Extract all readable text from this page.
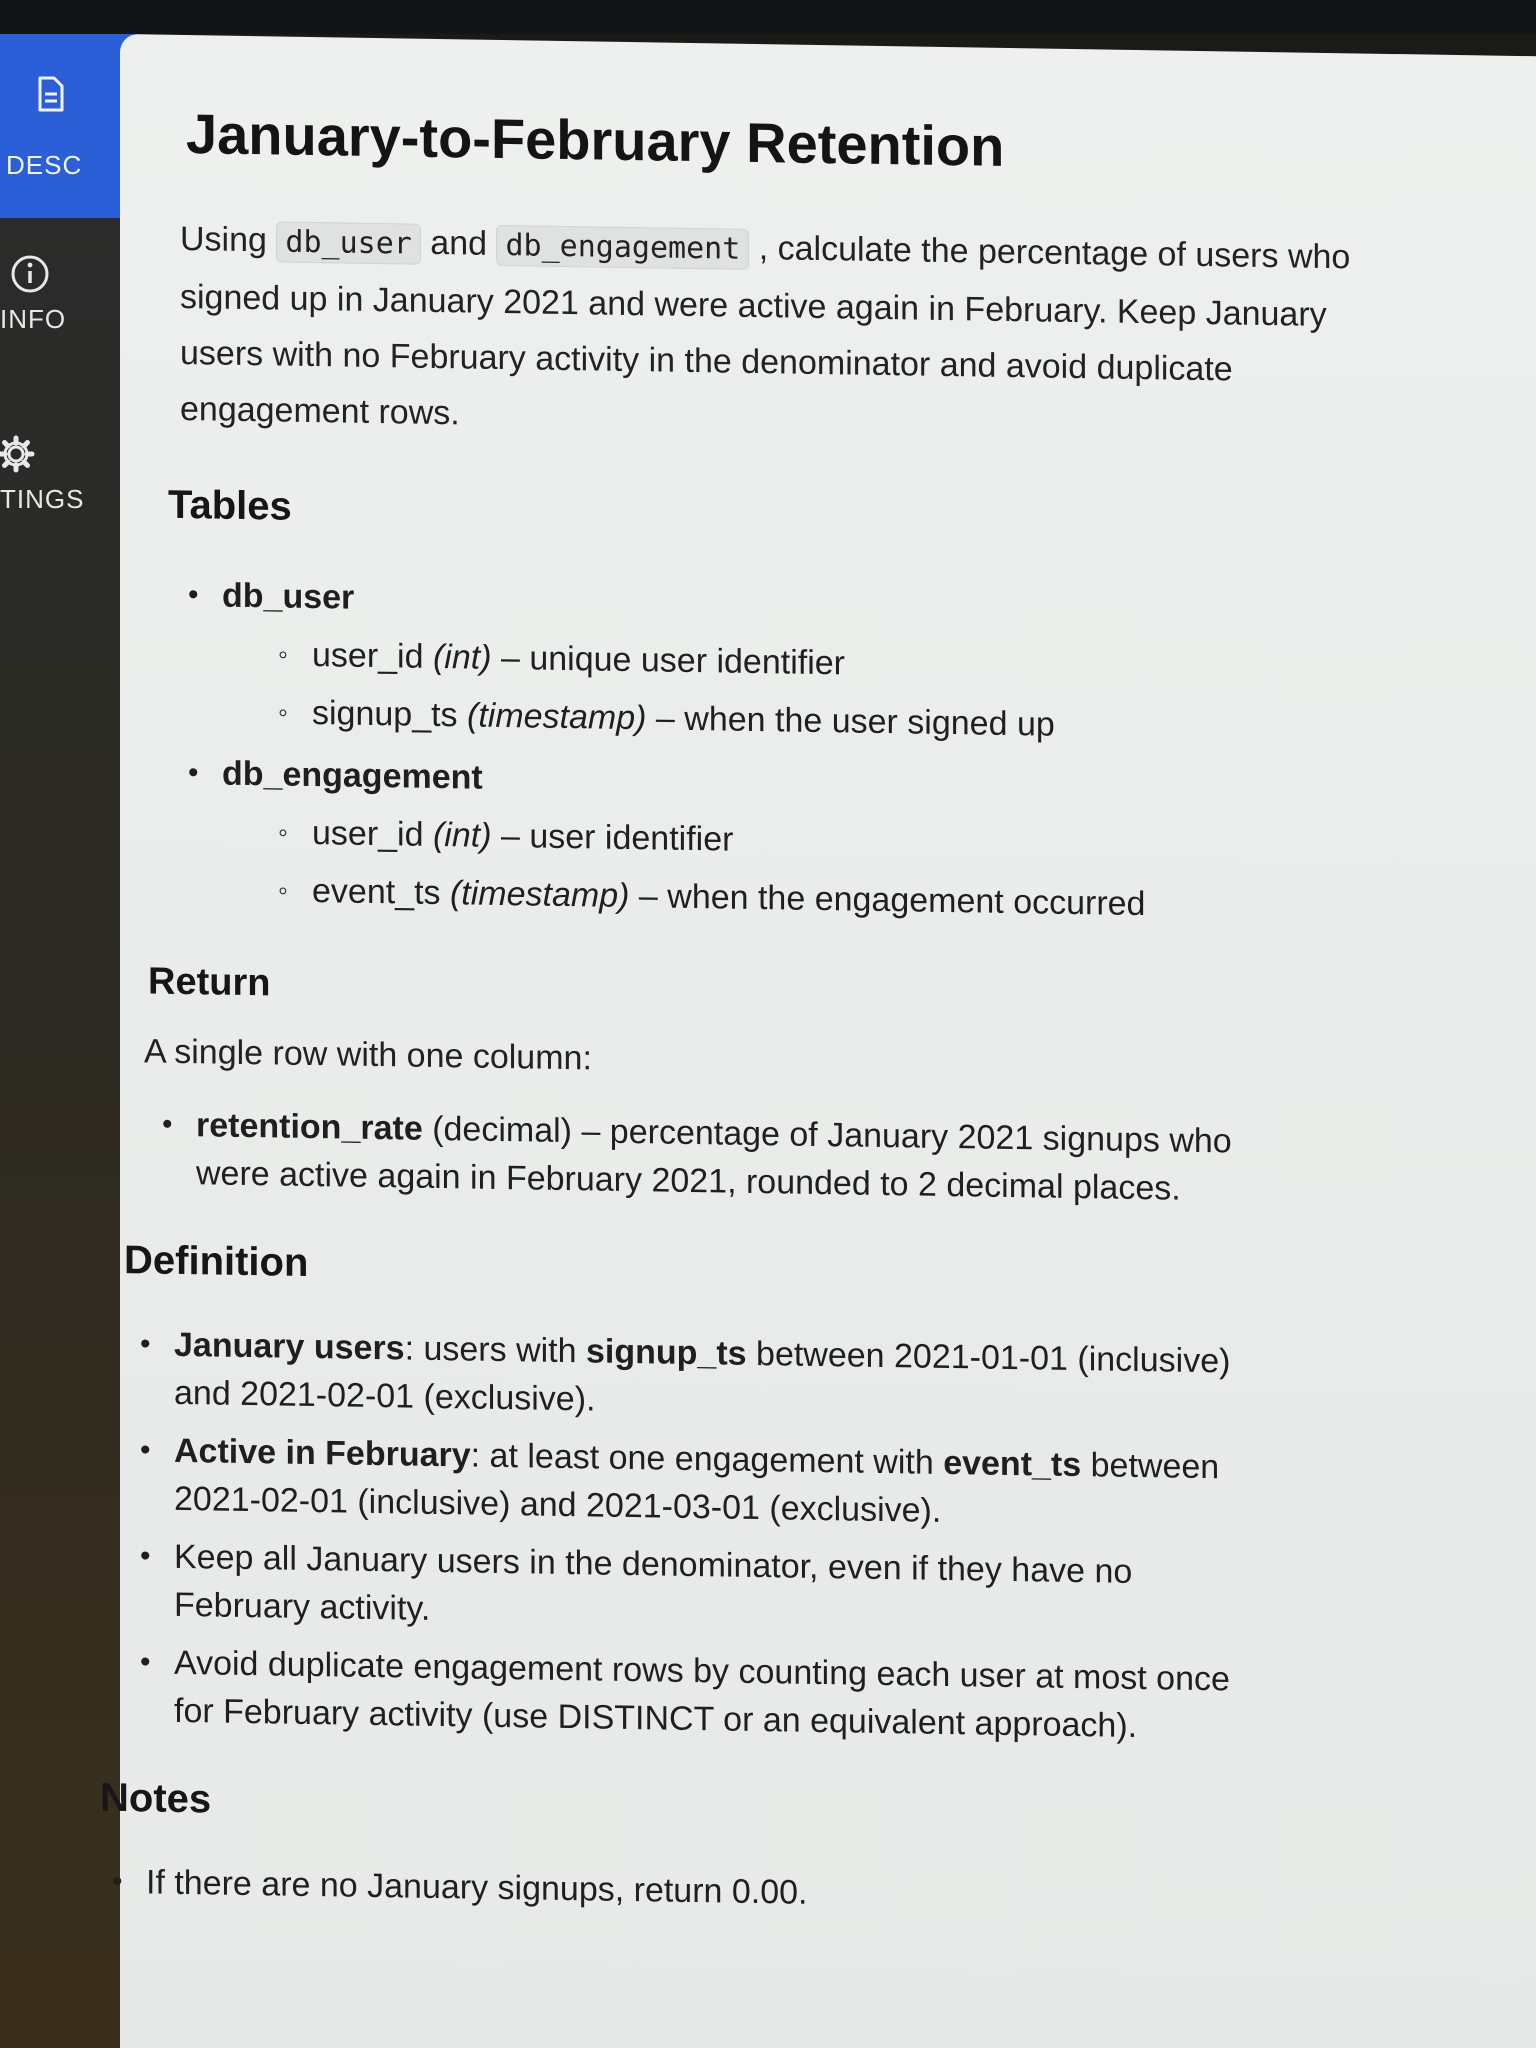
DESC
INFO
TINGS
January-to-February Retention
Using db_user and db_engagement , calculate the percentage of users who signed up in January 2021 and were active again in February. Keep January users with no February activity in the denominator and avoid duplicate engagement rows.
Tables
• db_user
◦ user_id (int) – unique user identifier
◦ signup_ts (timestamp) – when the user signed up
• db_engagement
◦ user_id (int) – user identifier
◦ event_ts (timestamp) – when the engagement occurred
Return
A single row with one column:
• retention_rate (decimal) – percentage of January 2021 signups who were active again in February 2021, rounded to 2 decimal places.
Definition
• January users: users with signup_ts between 2021-01-01 (inclusive) and 2021-02-01 (exclusive).
• Active in February: at least one engagement with event_ts between 2021-02-01 (inclusive) and 2021-03-01 (exclusive).
• Keep all January users in the denominator, even if they have no February activity.
• Avoid duplicate engagement rows by counting each user at most once for February activity (use DISTINCT or an equivalent approach).
Notes
• If there are no January signups, return 0.00.
